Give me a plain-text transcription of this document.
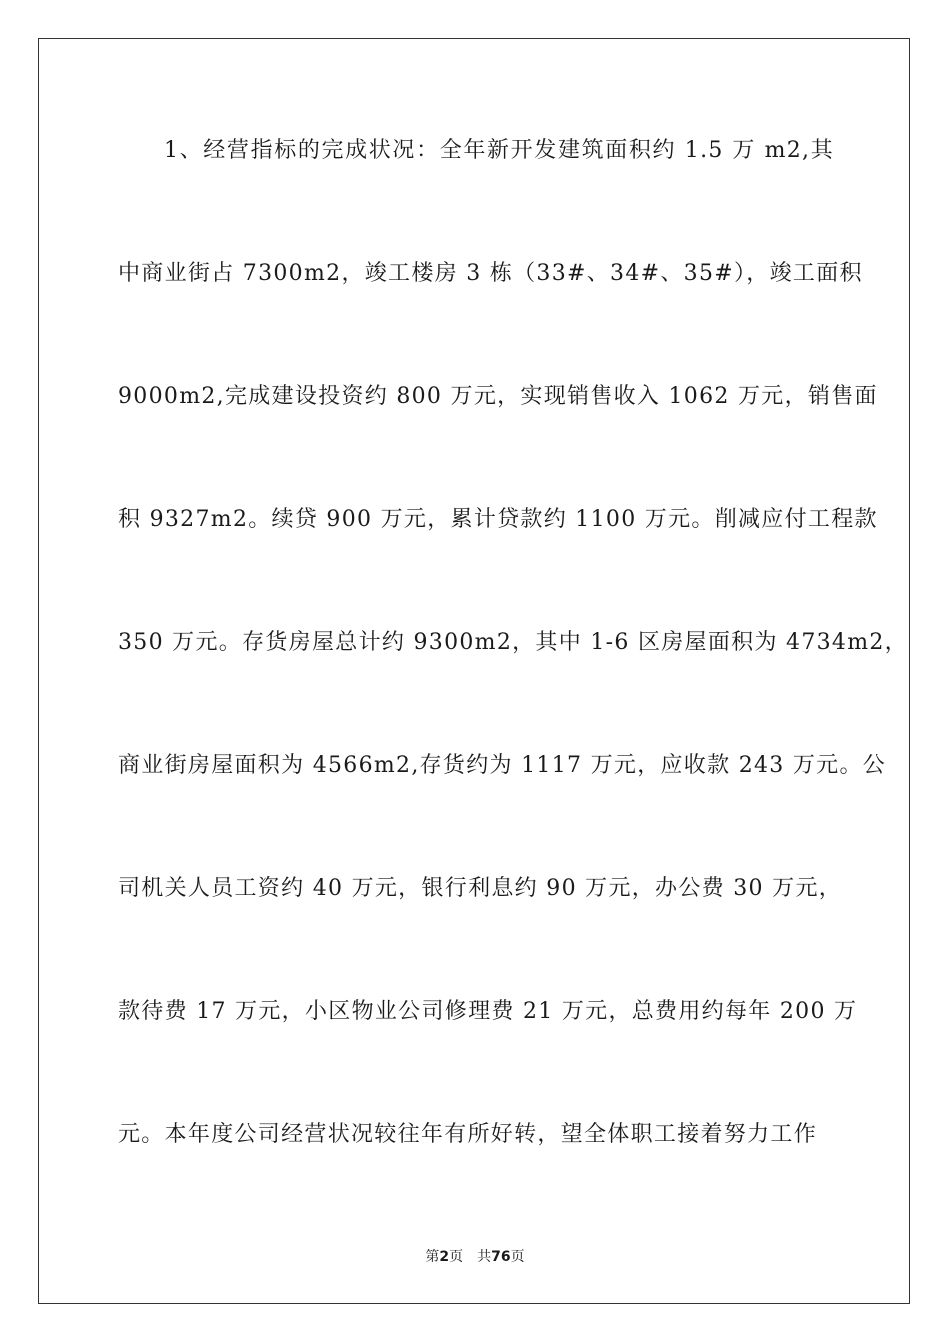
1、经营指标的完成状况：全年新开发建筑面积约 1.5 万 m2,其
中商业街占 7300m2，竣工楼房 3 栋（33#、34#、35#），竣工面积
9000m2,完成建设投资约 800 万元，实现销售收入 1062 万元，销售面
积 9327m2。续贷 900 万元，累计贷款约 1100 万元。削减应付工程款
350 万元。存货房屋总计约 9300m2，其中 1-6 区房屋面积为 4734m2，
商业街房屋面积为 4566m2,存货约为 1117 万元，应收款 243 万元。公
司机关人员工资约 40 万元，银行利息约 90 万元，办公费 30 万元，
款待费 17 万元，小区物业公司修理费 21 万元，总费用约每年 200 万
元。本年度公司经营状况较往年有所好转，望全体职工接着努力工作
第2页 共76页
